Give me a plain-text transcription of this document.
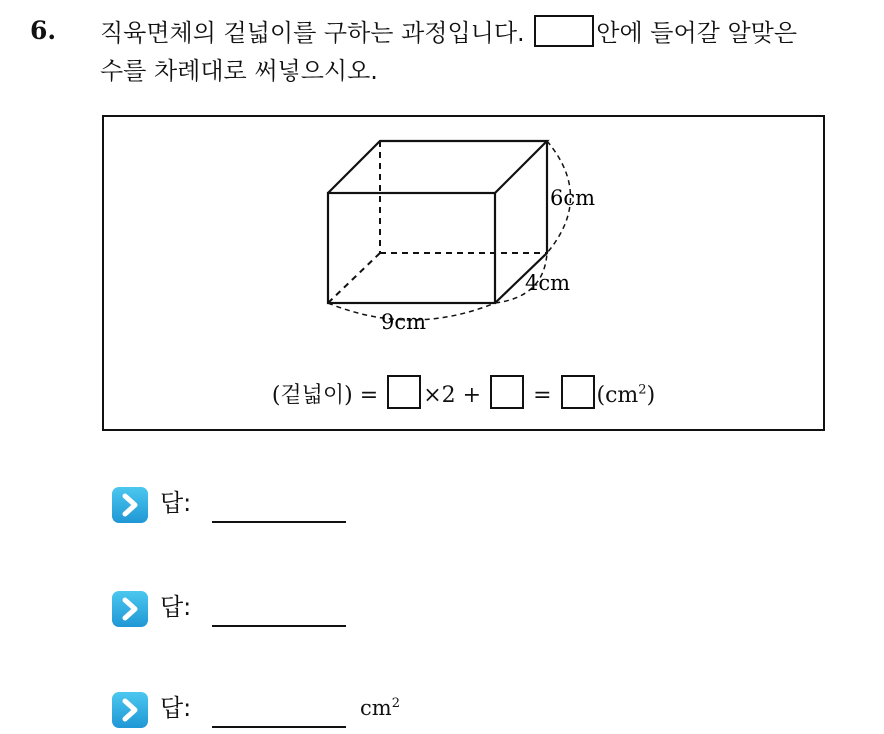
6. 직육면체의 겉넓이를 구하는 과정입니다.	안에 들어갈 알맞은
수를 차례대로 써넣으시오.
6cm
4cm
9cm
(겉넓이) = ×2 + = $(cm^2)$
답:
답:
답:	$cm^2$
